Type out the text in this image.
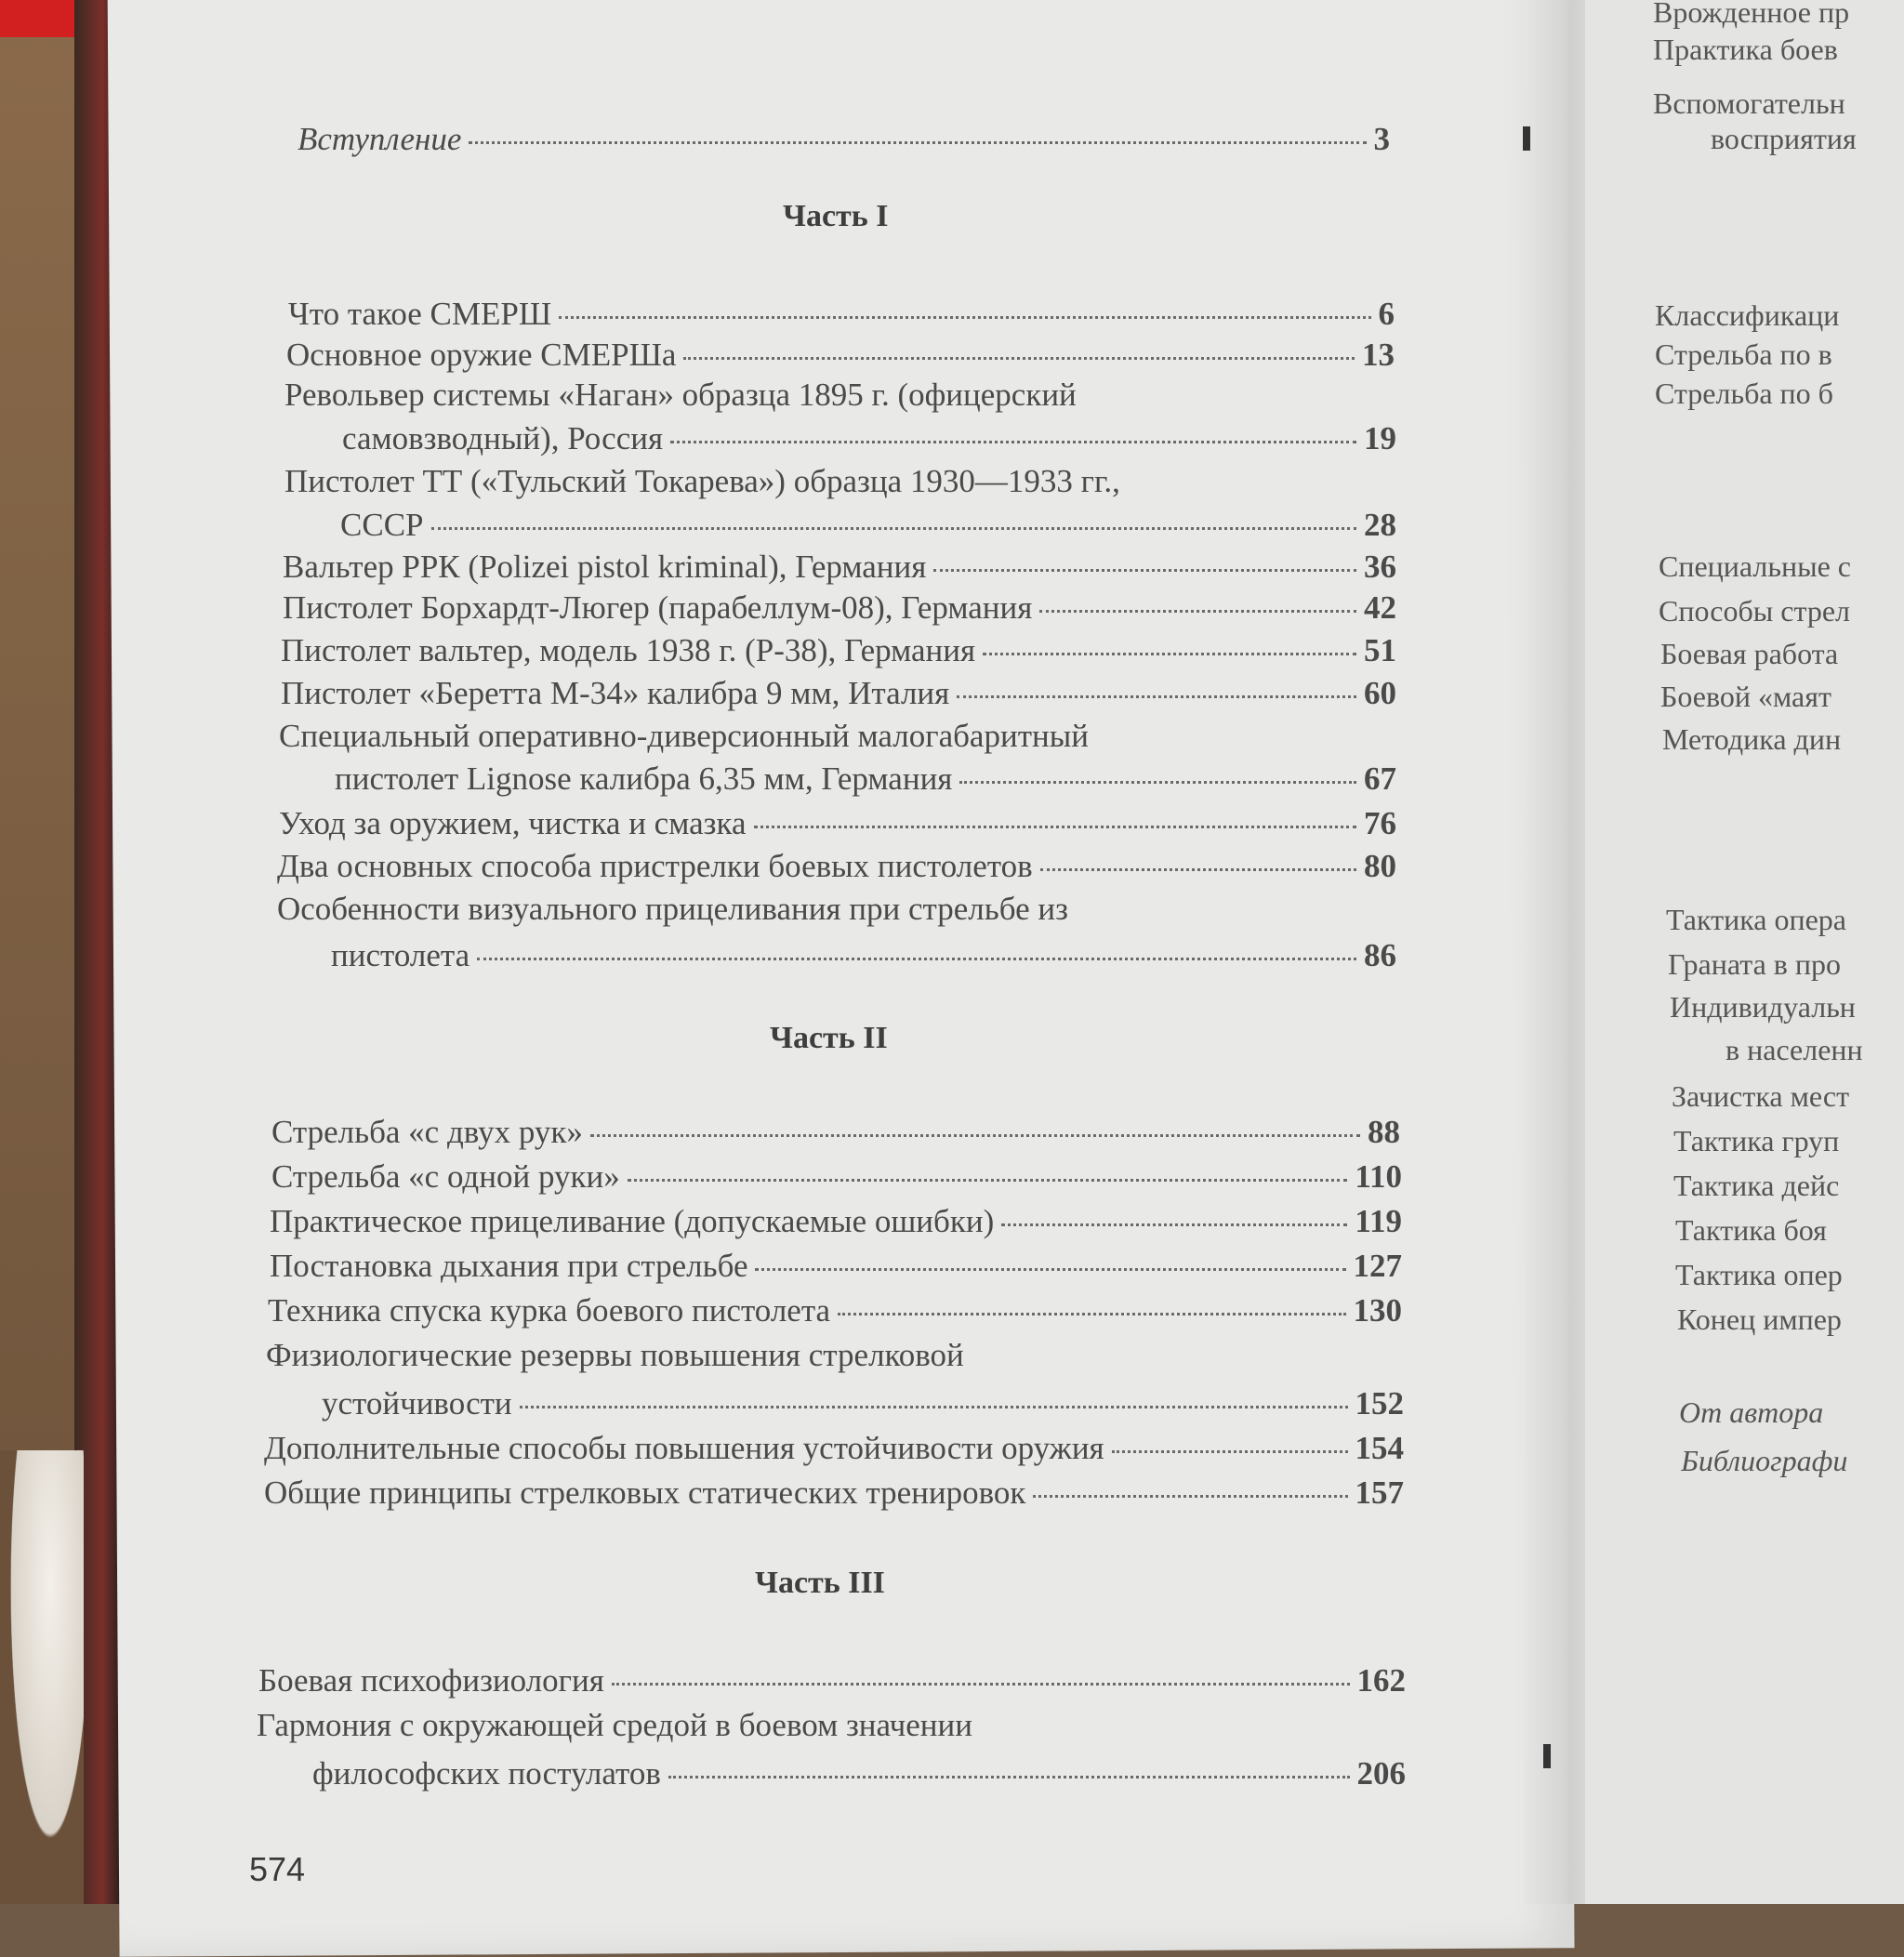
Вступление	3
Часть I
Что такое СМЕРШ	6
Основное оружие СМЕРШа	13
Револьвер системы «Наган» образца 1895 г. (офицерский
самовзводный), Россия	19
Пистолет ТТ («Тульский Токарева») образца 1930—1933 гг.,
СССР	28
Вальтер РРК (Polizei pistol kriminal), Германия	36
Пистолет Борхардт-Люгер (парабеллум-08), Германия	42
Пистолет вальтер, модель 1938 г. (Р-38), Германия	51
Пистолет «Беретта М-34» калибра 9 мм, Италия	60
Специальный оперативно-диверсионный малогабаритный
пистолет Lignose калибра 6,35 мм, Германия	67
Уход за оружием, чистка и смазка	76
Два основных способа пристрелки боевых пистолетов	80
Особенности визуального прицеливания при стрельбе из
пистолета	86
Часть II
Стрельба «с двух рук»	88
Стрельба «с одной руки»	110
Практическое прицеливание (допускаемые ошибки)	119
Постановка дыхания при стрельбе	127
Техника спуска курка боевого пистолета	130
Физиологические резервы повышения стрелковой
устойчивости	152
Дополнительные способы повышения устойчивости оружия	154
Общие принципы стрелковых статических тренировок	157
Часть III
Боевая психофизиология	162
Гармония с окружающей средой в боевом значении
философских постулатов	206
574
Врожденное пр
Практика боев
Вспомогательн
восприятия
Классификаци
Стрельба по в
Стрельба по б
Специальные с
Способы стрел
Боевая работа
Боевой «маят
Методика дин
Тактика опера
Граната в про
Индивидуальн
в населенн
Зачистка мест
Тактика груп
Тактика дейс
Тактика боя
Тактика опер
Конец импер
От автора
Библиографи
